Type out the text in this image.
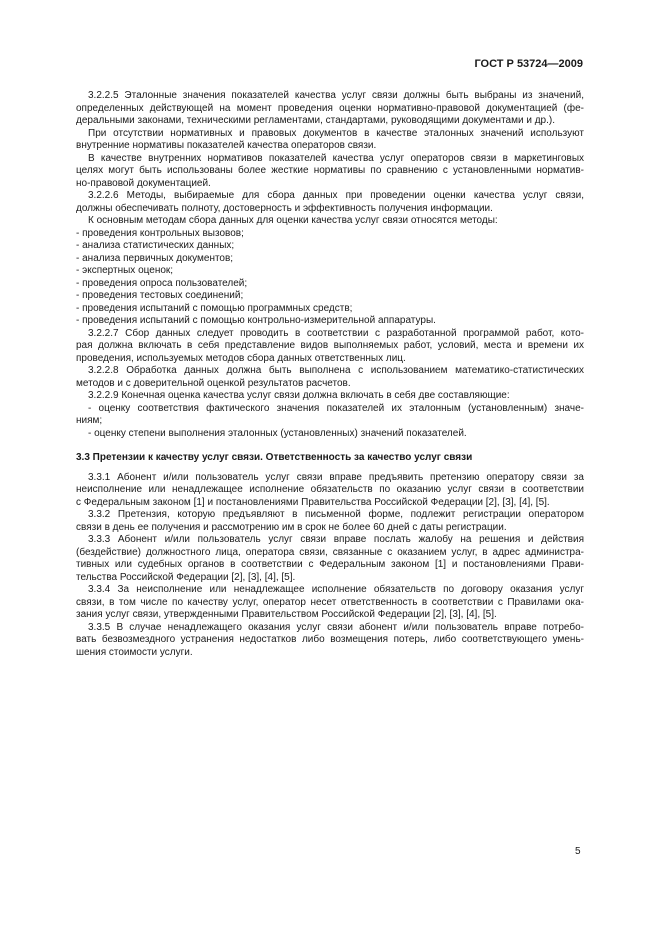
ГОСТ Р 53724—2009
3.2.2.5 Эталонные значения показателей качества услуг связи должны быть выбраны из значений,
определенных действующей на момент проведения оценки нормативно-правовой документацией (фе-
деральными законами, техническими регламентами, стандартами, руководящими документами и др.).
При отсутствии нормативных и правовых документов в качестве эталонных значений используют
внутренние нормативы показателей качества операторов связи.
В качестве внутренних нормативов показателей качества услуг операторов связи в маркетинговых
целях могут быть использованы более жесткие нормативы по сравнению с установленными норматив-
но-правовой документацией.
3.2.2.6 Методы, выбираемые для сбора данных при проведении оценки качества услуг связи,
должны обеспечивать полноту, достоверность и эффективность получения информации.
К основным методам сбора данных для оценки качества услуг связи относятся методы:
- проведения контрольных вызовов;
- анализа статистических данных;
- анализа первичных документов;
- экспертных оценок;
- проведения опроса пользователей;
- проведения тестовых соединений;
- проведения испытаний с помощью программных средств;
- проведения испытаний с помощью контрольно-измерительной аппаратуры.
3.2.2.7 Сбор данных следует проводить в соответствии с разработанной программой работ, кото-
рая должна включать в себя представление видов выполняемых работ, условий, места и времени их
проведения, используемых методов сбора данных ответственных лиц.
3.2.2.8 Обработка данных должна быть выполнена с использованием математико-статистических
методов и с доверительной оценкой результатов расчетов.
3.2.2.9 Конечная оценка качества услуг связи должна включать в себя две составляющие:
- оценку соответствия фактического значения показателей их эталонным (установленным) значе-
ниям;
- оценку степени выполнения эталонных (установленных) значений показателей.
3.3 Претензии к качеству услуг связи. Ответственность за качество услуг связи
3.3.1 Абонент и/или пользователь услуг связи вправе предъявить претензию оператору связи за
неисполнение или ненадлежащее исполнение обязательств по оказанию услуг связи в соответствии
с Федеральным законом [1] и постановлениями Правительства Российской Федерации [2], [3], [4], [5].
3.3.2 Претензия, которую предъявляют в письменной форме, подлежит регистрации оператором
связи в день ее получения и рассмотрению им в срок не более 60 дней с даты регистрации.
3.3.3 Абонент и/или пользователь услуг связи вправе послать жалобу на решения и действия
(бездействие) должностного лица, оператора связи, связанные с оказанием услуг, в адрес администра-
тивных или судебных органов в соответствии с Федеральным законом [1] и постановлениями Прави-
тельства Российской Федерации [2], [3], [4], [5].
3.3.4 За неисполнение или ненадлежащее исполнение обязательств по договору оказания услуг
связи, в том числе по качеству услуг, оператор несет ответственность в соответствии с Правилами ока-
зания услуг связи, утвержденными Правительством Российской Федерации [2], [3], [4], [5].
3.3.5 В случае ненадлежащего оказания услуг связи абонент и/или пользователь вправе потребо-
вать безвозмездного устранения недостатков либо возмещения потерь, либо соответствующего умень-
шения стоимости услуги.
5
